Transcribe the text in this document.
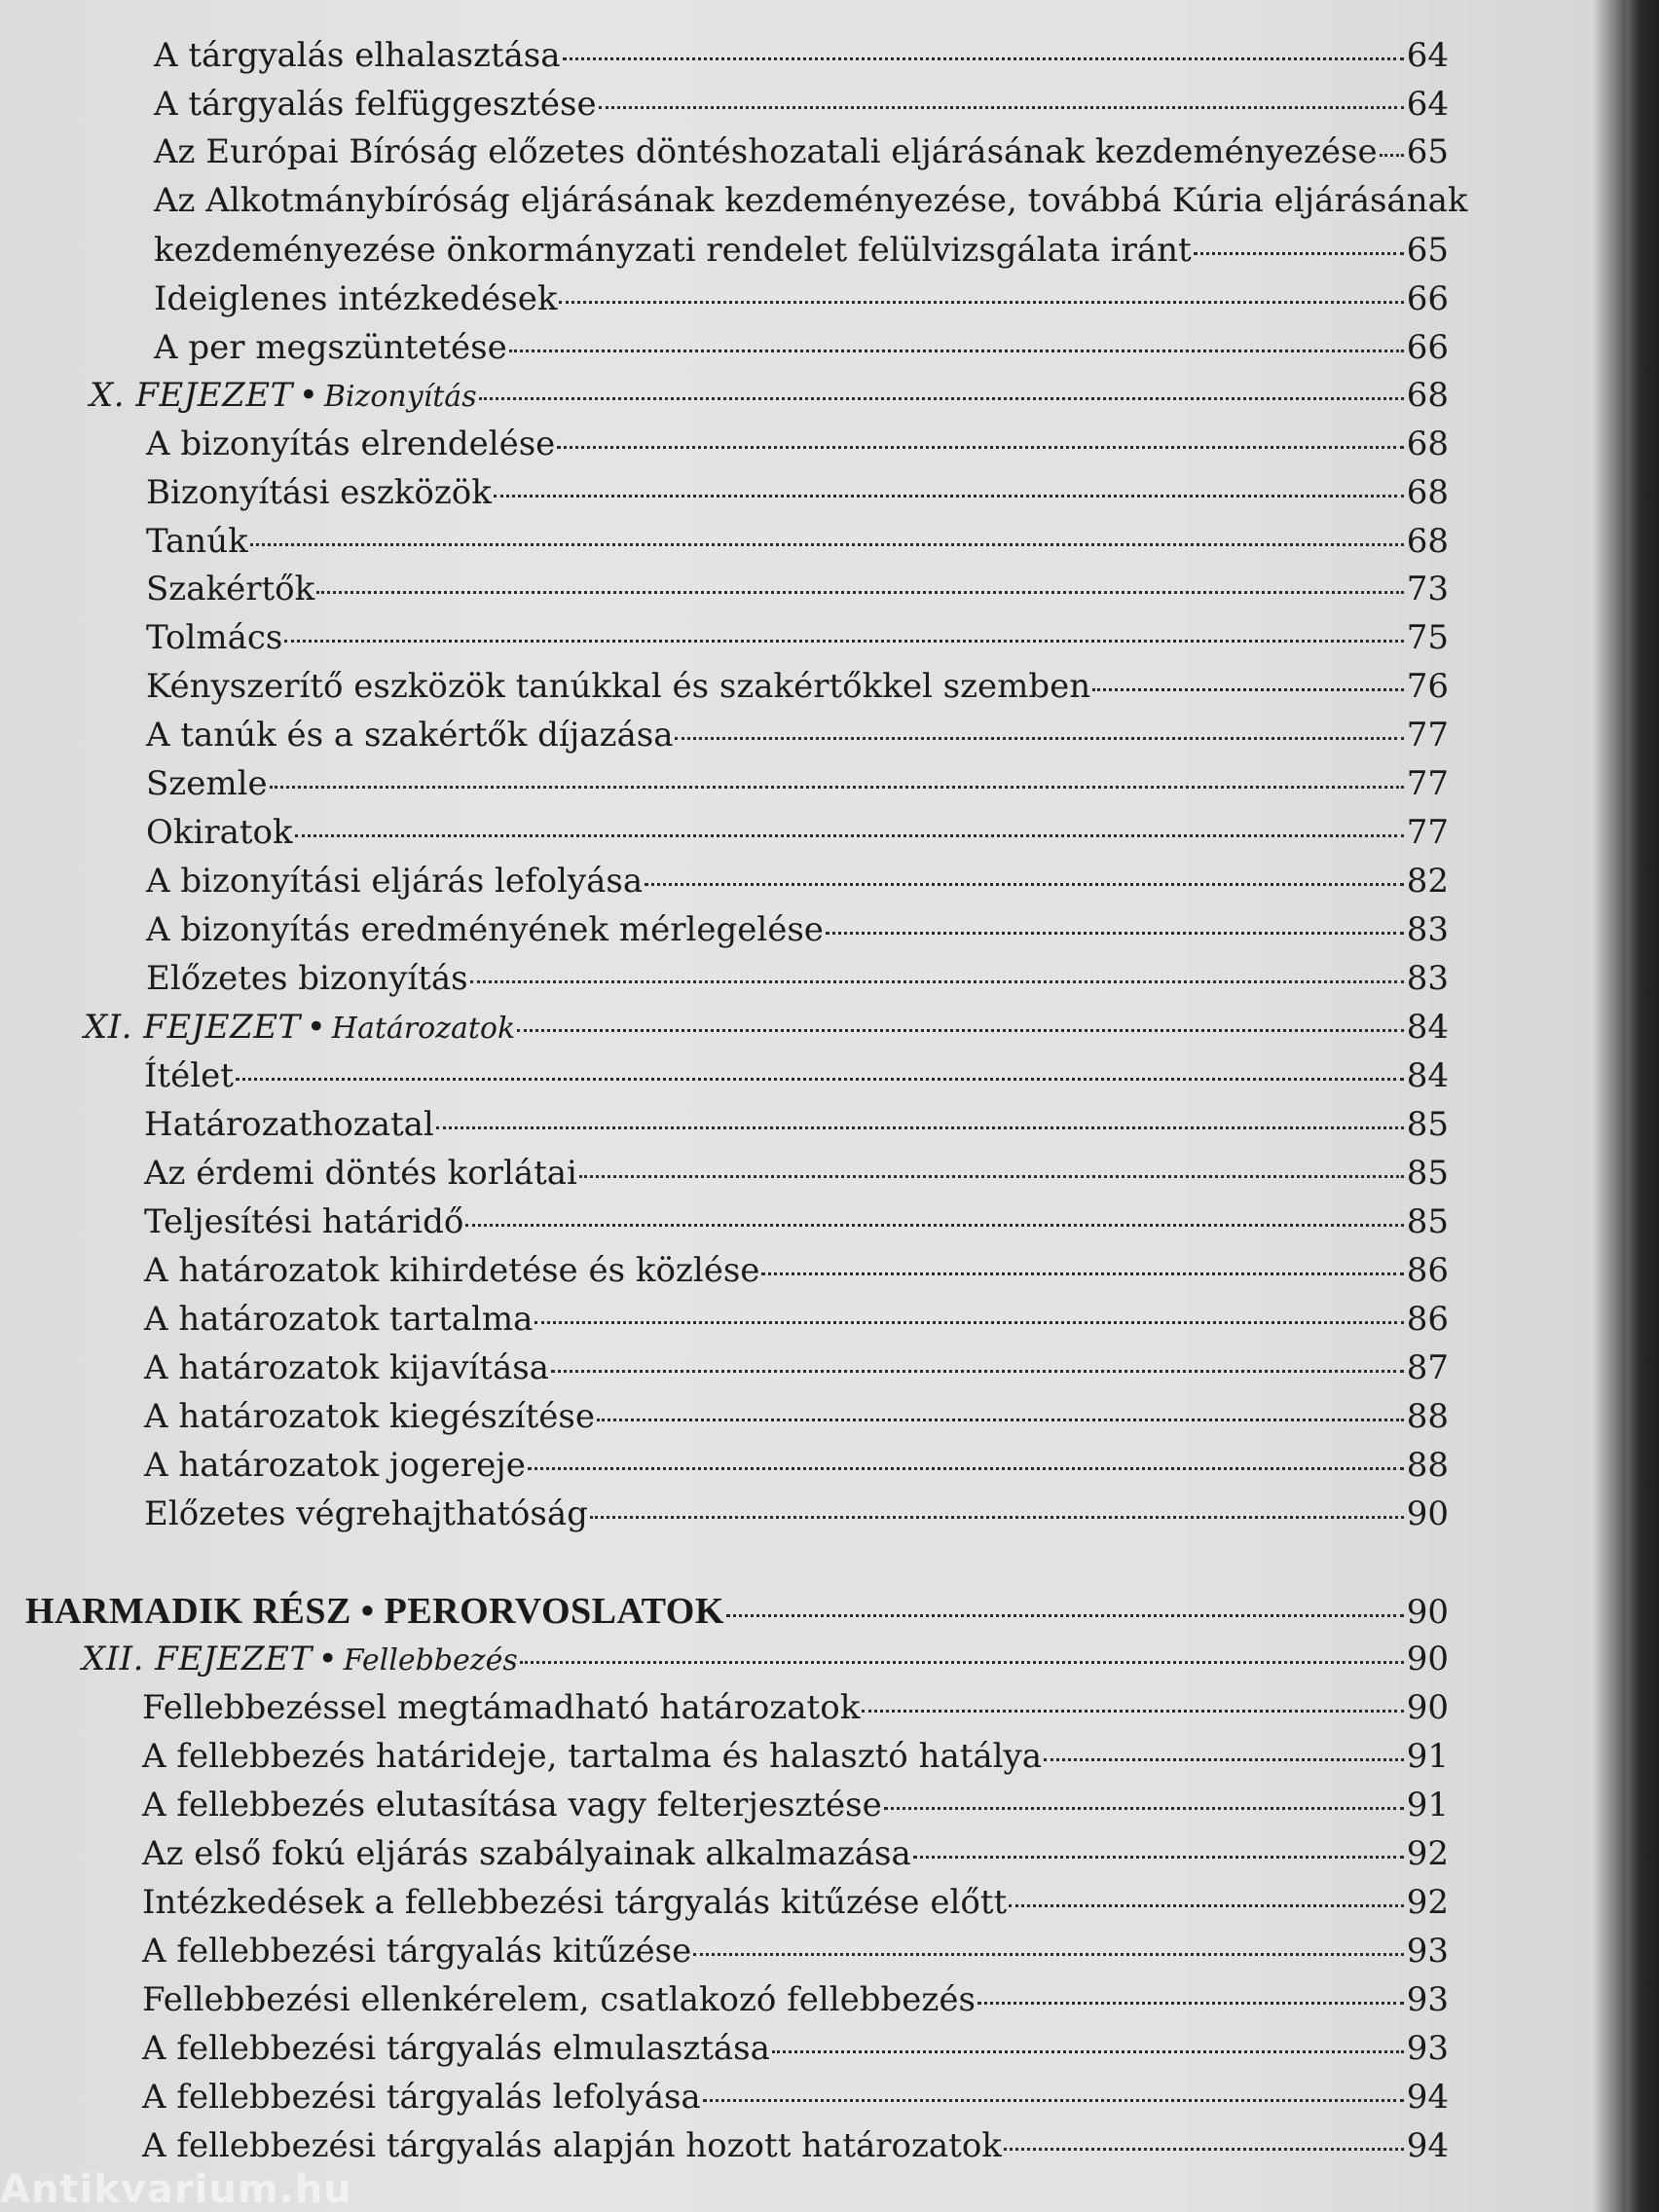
A tárgyalás elhalasztása	64
A tárgyalás felfüggesztése	64
Az Európai Bíróság előzetes döntéshozatali eljárásának kezdeményezése 65
Az Alkotmánybíróság eljárásának kezdeményezése, továbbá Kúria eljárásának
kezdeményezése önkormányzati rendelet felülvizsgálata iránt	65
Ideiglenes intézkedések	66
A per megszüntetése	66
X. FEJEZET • Bizonyítás	68
A bizonyítás elrendelése	68
Bizonyítási eszközök	68
Tanúk	68
Szakértők	73
Tolmács	75
Kényszerítő eszközök tanúkkal és szakértőkkel szemben	76
A tanúk és a szakértők díjazása	77
Szemle	77
Okiratok	77
A bizonyítási eljárás lefolyása	82
A bizonyítás eredményének mérlegelése	83
Előzetes bizonyítás	83
XI. FEJEZET • Határozatok	84
Ítélet	84
Határozathozatal	85
Az érdemi döntés korlátai	85
Teljesítési határidő	85
A határozatok kihirdetése és közlése	86
A határozatok tartalma	86
A határozatok kijavítása	87
A határozatok kiegészítése	88
A határozatok jogereje	88
Előzetes végrehajthatóság	90
HARMADIK RÉSZ • PERORVOSLATOK	90
XII. FEJEZET • Fellebbezés	90
Fellebbezéssel megtámadható határozatok	90
A fellebbezés határideje, tartalma és halasztó hatálya	91
A fellebbezés elutasítása vagy felterjesztése	91
Az első fokú eljárás szabályainak alkalmazása	92
Intézkedések a fellebbezési tárgyalás kitűzése előtt	92
A fellebbezési tárgyalás kitűzése	93
Fellebbezési ellenkérelem, csatlakozó fellebbezés	93
A fellebbezési tárgyalás elmulasztása	93
A fellebbezési tárgyalás lefolyása	94
A fellebbezési tárgyalás alapján hozott határozatok	94
Antikvarium.hu
